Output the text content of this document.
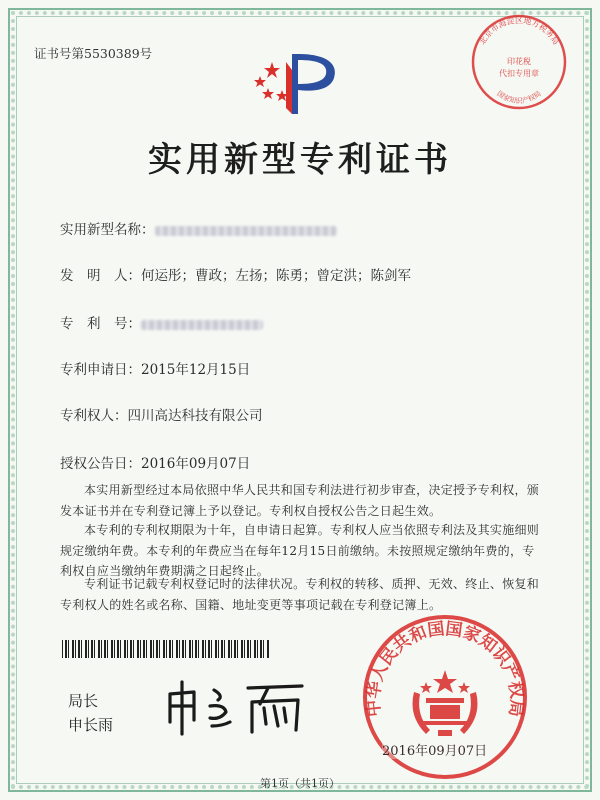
证书号第5530389号
实用新型专利证书
实用新型名称：
发　明　人：何运彤；曹政；左扬；陈勇；曾定洪；陈剑军
专　利　号：
专利申请日：2015年12月15日
专利权人：四川高达科技有限公司
授权公告日：2016年09月07日
本实用新型经过本局依照中华人民共和国专利法进行初步审查，决定授予专利权，颁发本证书并在专利登记簿上予以登记。专利权自授权公告之日起生效。
本专利的专利权期限为十年，自申请日起算。专利权人应当依照专利法及其实施细则规定缴纳年费。本专利的年费应当在每年12月15日前缴纳。未按照规定缴纳年费的，专利权自应当缴纳年费期满之日起终止。
专利证书记载专利权登记时的法律状况。专利权的转移、质押、无效、终止、恢复和专利权人的姓名或名称、国籍、地址变更等事项记载在专利登记簿上。
局长
申长雨
北京市海淀区地方税务局
印花税
代扣专用章
国家知识产权局
中华人民共和国国家知识产权局
2016年09月07日
第1页（共1页）
